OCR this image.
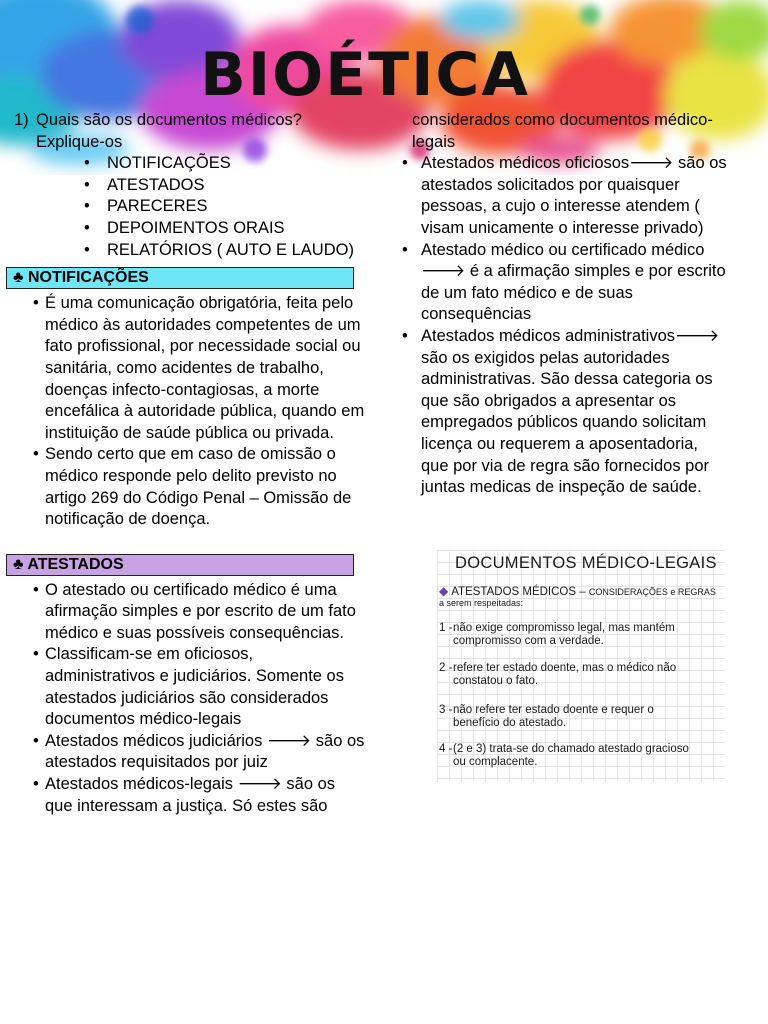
BIOÉTICA
1) Quais são os documentos médicos? Explique-os
• NOTIFICAÇÕES
• ATESTADOS
• PARECERES
• DEPOIMENTOS ORAIS
• RELATÓRIOS ( AUTO E LAUDO)
♣ NOTIFICAÇÕES
• É uma comunicação obrigatória, feita pelo médico às autoridades competentes de um fato profissional, por necessidade social ou sanitária, como acidentes de trabalho, doenças infecto-contagiosas, a morte encefálica à autoridade pública, quando em instituição de saúde pública ou privada.
• Sendo certo que em caso de omissão o médico responde pelo delito previsto no artigo 269 do Código Penal – Omissão de notificação de doença.
♣ ATESTADOS
• O atestado ou certificado médico é uma afirmação simples e por escrito de um fato médico e suas possíveis consequências.
• Classificam-se em oficiosos, administrativos e judiciários. Somente os atestados judiciários são considerados documentos médico-legais
• Atestados médicos judiciários 🡒 são os atestados requisitados por juiz
• Atestados médicos-legais 🡒 são os que interessam a justiça. Só estes são
considerados como documentos médico-legais
• Atestados médicos oficiosos🡒 são os atestados solicitados por quaisquer pessoas, a cujo o interesse atendem ( visam unicamente o interesse privado)
• Atestado médico ou certificado médico 🡒 é a afirmação simples e por escrito de um fato médico e de suas consequências
• Atestados médicos administrativos🡒 são os exigidos pelas autoridades administrativas. São dessa categoria os que são obrigados a apresentar os empregados públicos quando solicitam licença ou requerem a aposentadoria, que por via de regra são fornecidos por juntas medicas de inspeção de saúde.
DOCUMENTOS MÉDICO-LEGAIS
◆ ATESTADOS MÉDICOS – CONSIDERAÇÕES e REGRAS a serem respeitadas:
1 -não exige compromisso legal, mas mantém
compromisso com a verdade.
2 -refere ter estado doente, mas o médico não
constatou o fato.
3 -não refere ter estado doente e requer o
benefício do atestado.
4 -(2 e 3) trata-se do chamado atestado gracioso
ou complacente.
